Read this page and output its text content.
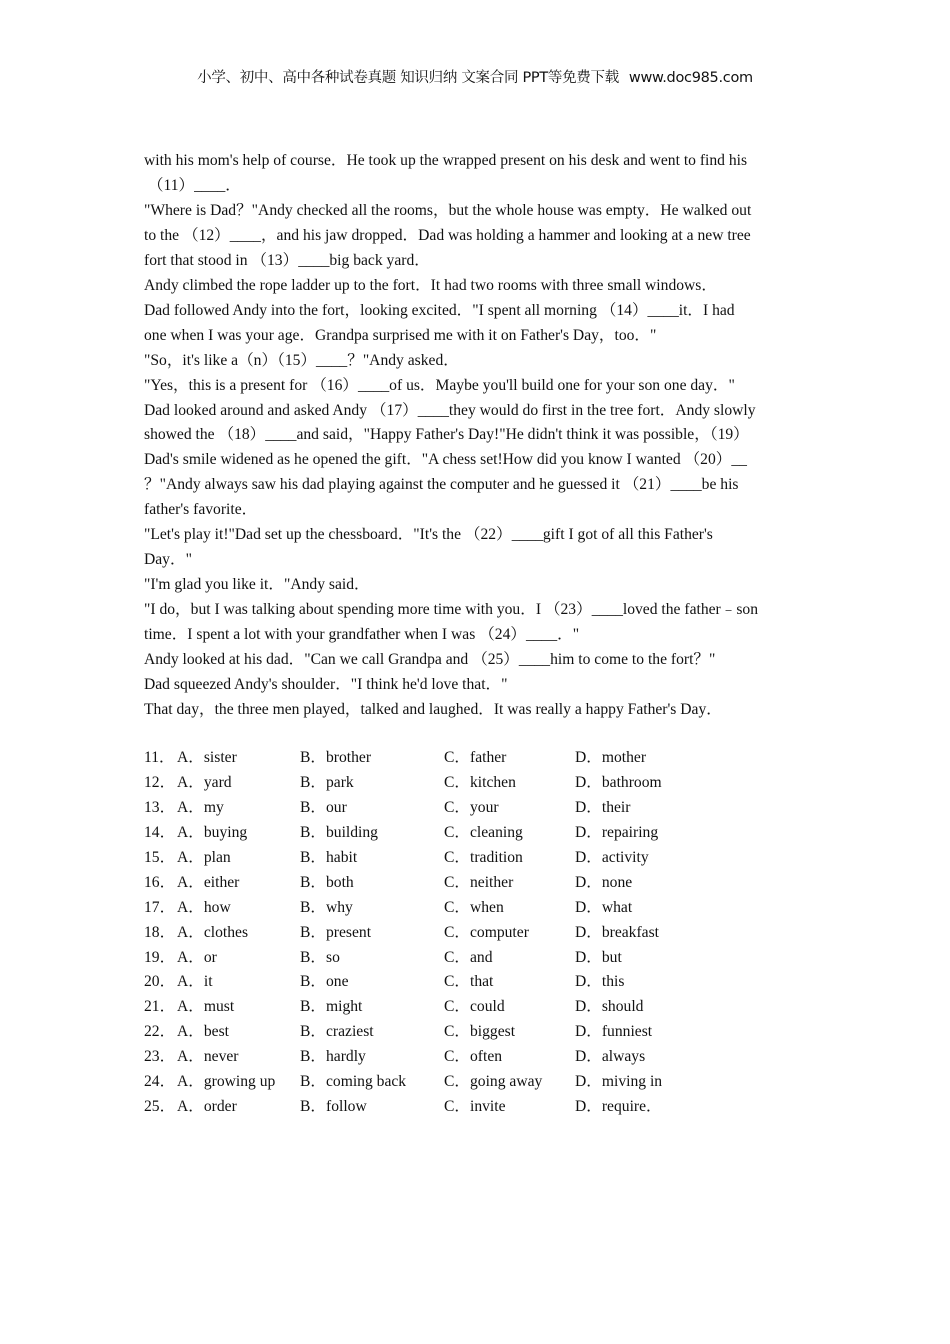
小学、初中、高中各种试卷真题 知识归纳 文案合同 PPT等免费下载 www.doc985.com
with his mom's help of course．He took up the wrapped present on his desk and went to find his
（11）____．
"Where is Dad？"Andy checked all the rooms，but the whole house was empty．He walked out
to the （12）____，and his jaw dropped．Dad was holding a hammer and looking at a new tree
fort that stood in （13）____big back yard．
Andy climbed the rope ladder up to the fort．It had two rooms with three small windows．
Dad followed Andy into the fort，looking excited．"I spent all morning （14）____it．I had
one when I was your age．Grandpa surprised me with it on Father's Day，too．"
"So，it's like a（n）（15）____？"Andy asked．
"Yes，this is a present for （16）____of us．Maybe you'll build one for your son one day．"
Dad looked around and asked Andy （17）____they would do first in the tree fort．Andy slowly
showed the （18）____and said，"Happy Father's Day!"He didn't think it was possible，（19）
Dad's smile widened as he opened the gift．"A chess set!How did you know I wanted （20）__
？"Andy always saw his dad playing against the computer and he guessed it （21）____be his
father's favorite．
"Let's play it!"Dad set up the chessboard．"It's the （22）____gift I got of all this Father's
Day．"
"I'm glad you like it．"Andy said．
"I do，but I was talking about spending more time with you．I （23）____loved the father﹣son
time．I spent a lot with your grandfather when I was （24）____．"
Andy looked at his dad．"Can we call Grandpa and （25）____him to come to the fort？"
Dad squeezed Andy's shoulder．"I think he'd love that．"
That day，the three men played，talked and laughed．It was really a happy Father's Day．
11． A．sister	B．brother	C．father	D．mother
12． A．yard	B．park	C．kitchen	D．bathroom
13． A．my	B．our	C．your	D．their
14． A．buying	B．building	C．cleaning	D．repairing
15． A．plan	B．habit	C．tradition	D．activity
16． A．either	B．both	C．neither	D．none
17． A．how	B．why	C．when	D．what
18． A．clothes	B．present	C．computer	D．breakfast
19． A．or	B．so	C．and	D．but
20． A．it	B．one	C．that	D．this
21． A．must	B．might	C．could	D．should
22． A．best	B．craziest	C．biggest	D．funniest
23． A．never	B．hardly	C．often	D．always
24． A．growing up B．coming back C．going away D．miving in
25． A．order	B．follow	C．invite	D．require．
